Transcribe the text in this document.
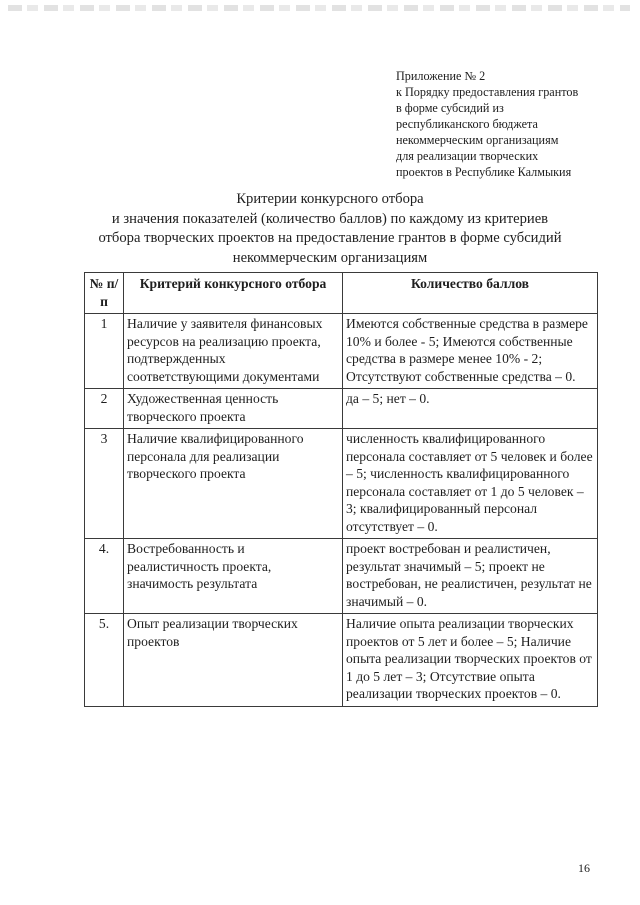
Приложение № 2
к Порядку предоставления грантов
в форме субсидий из
республиканского бюджета
некоммерческим организациям
для реализации творческих
проектов в Республике Калмыкия
Критерии конкурсного отбора
и значения показателей (количество баллов) по каждому из критериев
отбора творческих проектов на предоставление грантов в форме субсидий
некоммерческим организациям
№ п/п	Критерий конкурсного отбора	Количество баллов
1	Наличие у заявителя финансовых ресурсов на реализацию проекта, подтвержденных соответствующими документами	Имеются собственные средства в размере 10% и более - 5; Имеются собственные средства в размере менее 10% - 2; Отсутствуют собственные средства – 0.
2	Художественная ценность творческого проекта	да – 5; нет – 0.
3	Наличие квалифицированного персонала для реализации творческого проекта	численность квалифицированного персонала составляет от 5 человек и более – 5; численность квалифицированного персонала составляет от 1 до 5 человек – 3; квалифицированный персонал отсутствует – 0.
4.	Востребованность и реалистичность проекта, значимость результата	проект востребован и реалистичен, результат значимый – 5; проект не востребован, не реалистичен, результат не значимый – 0.
5.	Опыт реализации творческих проектов	Наличие опыта реализации творческих проектов от 5 лет и более – 5; Наличие опыта реализации творческих проектов от 1 до 5 лет – 3; Отсутствие опыта реализации творческих проектов – 0.
16
